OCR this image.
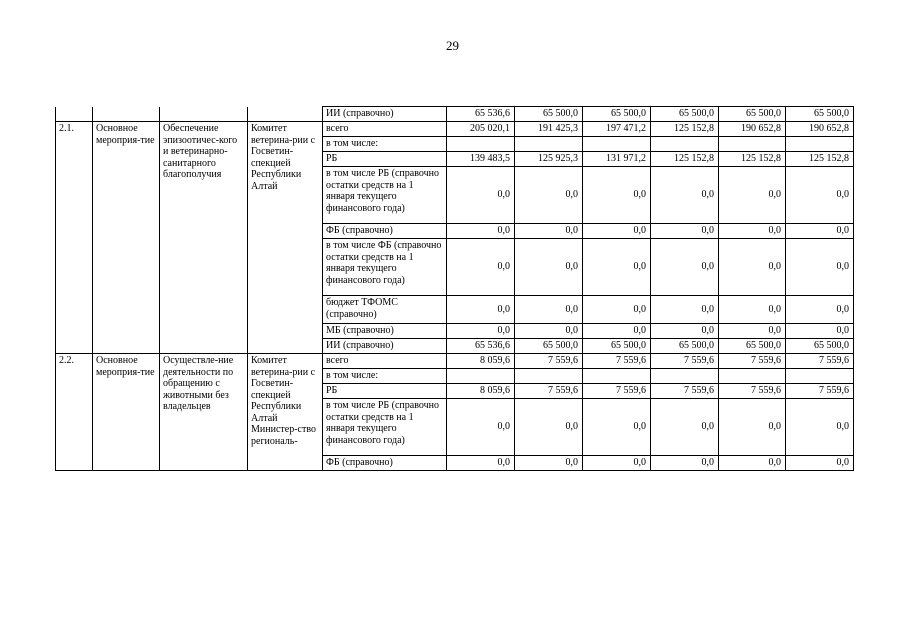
29
				ИИ (справочно)	65 536,6	65 500,0	65 500,0	65 500,0	65 500,0	65 500,0
2.1.	Основное мероприя-тие	Обеспечение эпизоотичес-кого и ветеринарно-санитарного благополучия	Комитет ветерина-рии с Госветин-спекцией Республики Алтай	всего	205 020,1	191 425,3	197 471,2	125 152,8	190 652,8	190 652,8
				в том числе:						
				РБ	139 483,5	125 925,3	131 971,2	125 152,8	125 152,8	125 152,8
				в том числе РБ (справочно остатки средств на 1 января текущего финансового года)	0,0	0,0	0,0	0,0	0,0	0,0
				ФБ (справочно)	0,0	0,0	0,0	0,0	0,0	0,0
				в том числе ФБ (справочно остатки средств на 1 января текущего финансового года)	0,0	0,0	0,0	0,0	0,0	0,0
				бюджет ТФОМС (справочно)	0,0	0,0	0,0	0,0	0,0	0,0
				МБ (справочно)	0,0	0,0	0,0	0,0	0,0	0,0
				ИИ (справочно)	65 536,6	65 500,0	65 500,0	65 500,0	65 500,0	65 500,0
2.2.	Основное мероприя-тие	Осуществле-ние деятельности по обращению с животными без владельцев	Комитет ветерина-рии с Госветин-спекцией Республики Алтай Министер-ство региональ-	всего	8 059,6	7 559,6	7 559,6	7 559,6	7 559,6	7 559,6
				в том числе:						
				РБ	8 059,6	7 559,6	7 559,6	7 559,6	7 559,6	7 559,6
				в том числе РБ (справочно остатки средств на 1 января текущего финансового года)	0,0	0,0	0,0	0,0	0,0	0,0
				ФБ (справочно)	0,0	0,0	0,0	0,0	0,0	0,0
